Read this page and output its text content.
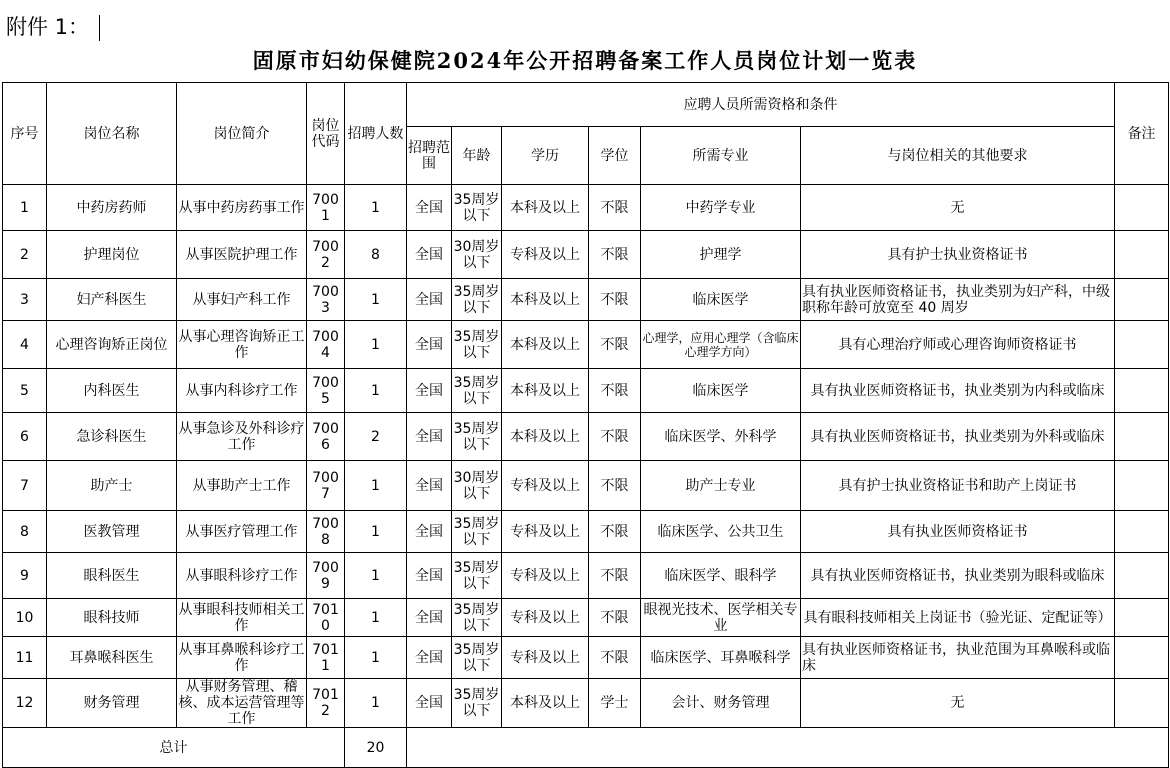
附件 1：
固原市妇幼保健院2024年公开招聘备案工作人员岗位计划一览表
序号	岗位名称	岗位简介	岗位代码	招聘人数	应聘人员所需资格和条件						备注
					招聘范围	年龄	学历	学位	所需专业	与岗位相关的其他要求	
1	中药房药师	从事中药房药事工作	7001	1	全国	35周岁以下	本科及以上	不限	中药学专业	无	
2	护理岗位	从事医院护理工作	7002	8	全国	30周岁以下	专科及以上	不限	护理学	具有护士执业资格证书	
3	妇产科医生	从事妇产科工作	7003	1	全国	35周岁以下	本科及以上	不限	临床医学	具有执业医师资格证书，执业类别为妇产科，中级职称年龄可放宽至 40 周岁	
4	心理咨询矫正岗位	从事心理咨询矫正工作	7004	1	全国	35周岁以下	本科及以上	不限	心理学，应用心理学（含临床心理学方向）	具有心理治疗师或心理咨询师资格证书	
5	内科医生	从事内科诊疗工作	7005	1	全国	35周岁以下	本科及以上	不限	临床医学	具有执业医师资格证书，执业类别为内科或临床	
6	急诊科医生	从事急诊及外科诊疗工作	7006	2	全国	35周岁以下	本科及以上	不限	临床医学、外科学	具有执业医师资格证书，执业类别为外科或临床	
7	助产士	从事助产士工作	7007	1	全国	30周岁以下	专科及以上	不限	助产士专业	具有护士执业资格证书和助产上岗证书	
8	医教管理	从事医疗管理工作	7008	1	全国	35周岁以下	专科及以上	不限	临床医学、公共卫生	具有执业医师资格证书	
9	眼科医生	从事眼科诊疗工作	7009	1	全国	35周岁以下	专科及以上	不限	临床医学、眼科学	具有执业医师资格证书，执业类别为眼科或临床	
10	眼科技师	从事眼科技师相关工作	7010	1	全国	35周岁以下	专科及以上	不限	眼视光技术、医学相关专业	具有眼科技师相关上岗证书（验光证、定配证等）	
11	耳鼻喉科医生	从事耳鼻喉科诊疗工作	7011	1	全国	35周岁以下	专科及以上	不限	临床医学、耳鼻喉科学	具有执业医师资格证书，执业范围为耳鼻喉科或临床	
12	财务管理	从事财务管理、稽核、成本运营管理等工作	7012	1	全国	35周岁以下	本科及以上	学士	会计、财务管理	无	
总计				20							
